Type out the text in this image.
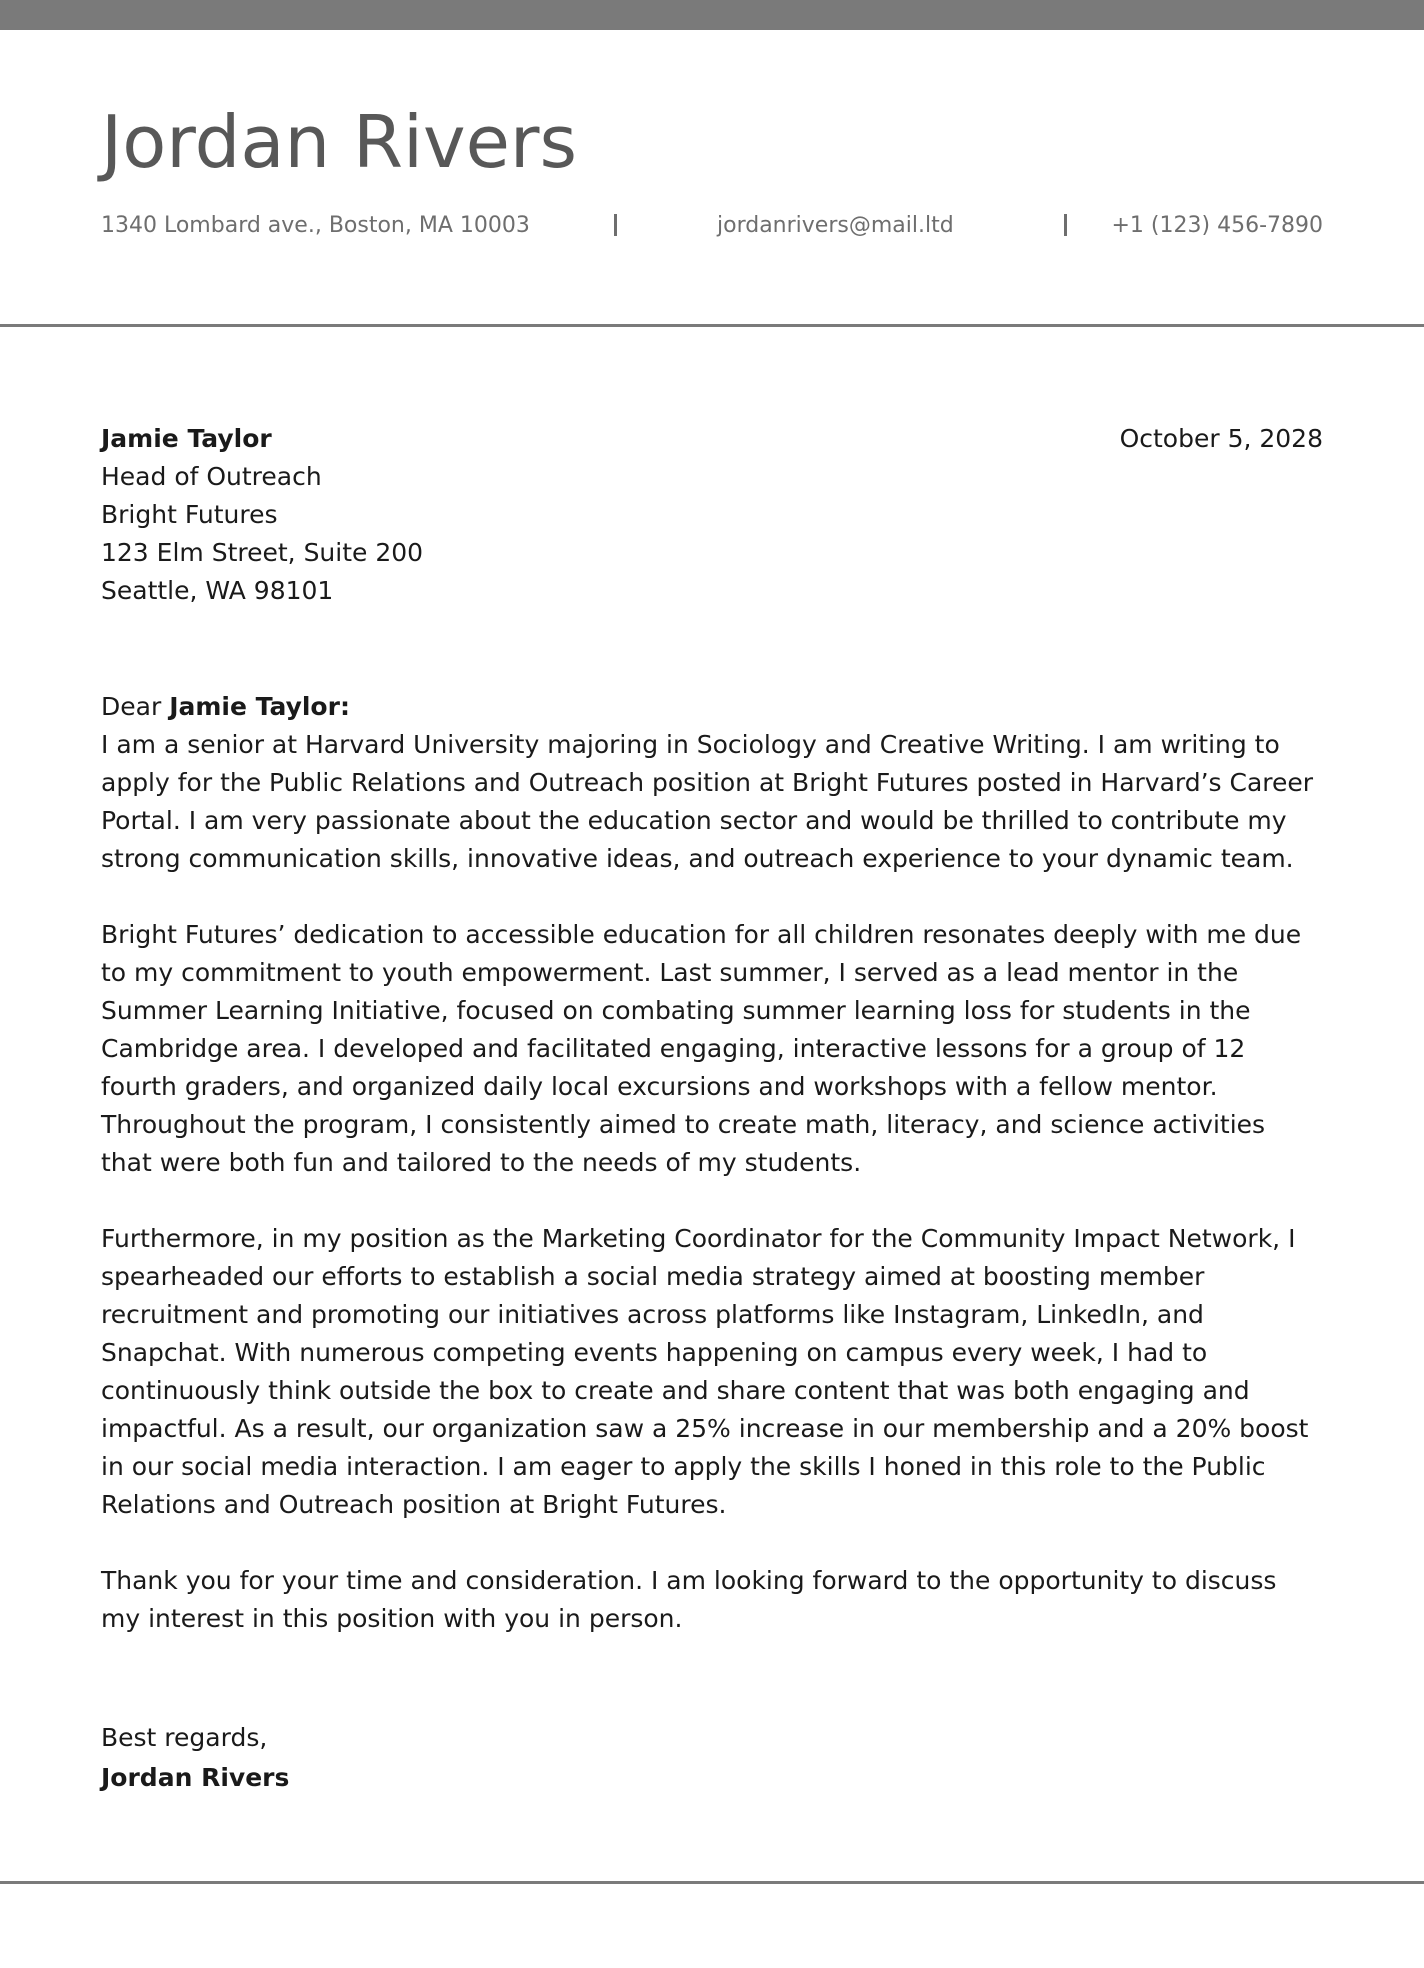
Jordan Rivers
1340 Lombard ave., Boston, MA 10003	jordanrivers@mail.ltd	+1 (123) 456-7890
Jamie Taylor
Head of Outreach
Bright Futures
123 Elm Street, Suite 200
Seattle, WA 98101
October 5, 2028
Dear Jamie Taylor:

I am a senior at Harvard University majoring in Sociology and Creative Writing. I am writing to apply for the Public Relations and Outreach position at Bright Futures posted in Harvard’s Career Portal. I am very passionate about the education sector and would be thrilled to contribute my strong communication skills, innovative ideas, and outreach experience to your dynamic team.

Bright Futures’ dedication to accessible education for all children resonates deeply with me due to my commitment to youth empowerment. Last summer, I served as a lead mentor in the Summer Learning Initiative, focused on combating summer learning loss for students in the Cambridge area. I developed and facilitated engaging, interactive lessons for a group of 12 fourth graders, and organized daily local excursions and workshops with a fellow mentor. Throughout the program, I consistently aimed to create math, literacy, and science activities that were both fun and tailored to the needs of my students.

Furthermore, in my position as the Marketing Coordinator for the Community Impact Network, I spearheaded our efforts to establish a social media strategy aimed at boosting member recruitment and promoting our initiatives across platforms like Instagram, LinkedIn, and Snapchat. With numerous competing events happening on campus every week, I had to continuously think outside the box to create and share content that was both engaging and impactful. As a result, our organization saw a 25% increase in our membership and a 20% boost in our social media interaction. I am eager to apply the skills I honed in this role to the Public Relations and Outreach position at Bright Futures.

Thank you for your time and consideration. I am looking forward to the opportunity to discuss my interest in this position with you in person.

Best regards,
Jordan Rivers
